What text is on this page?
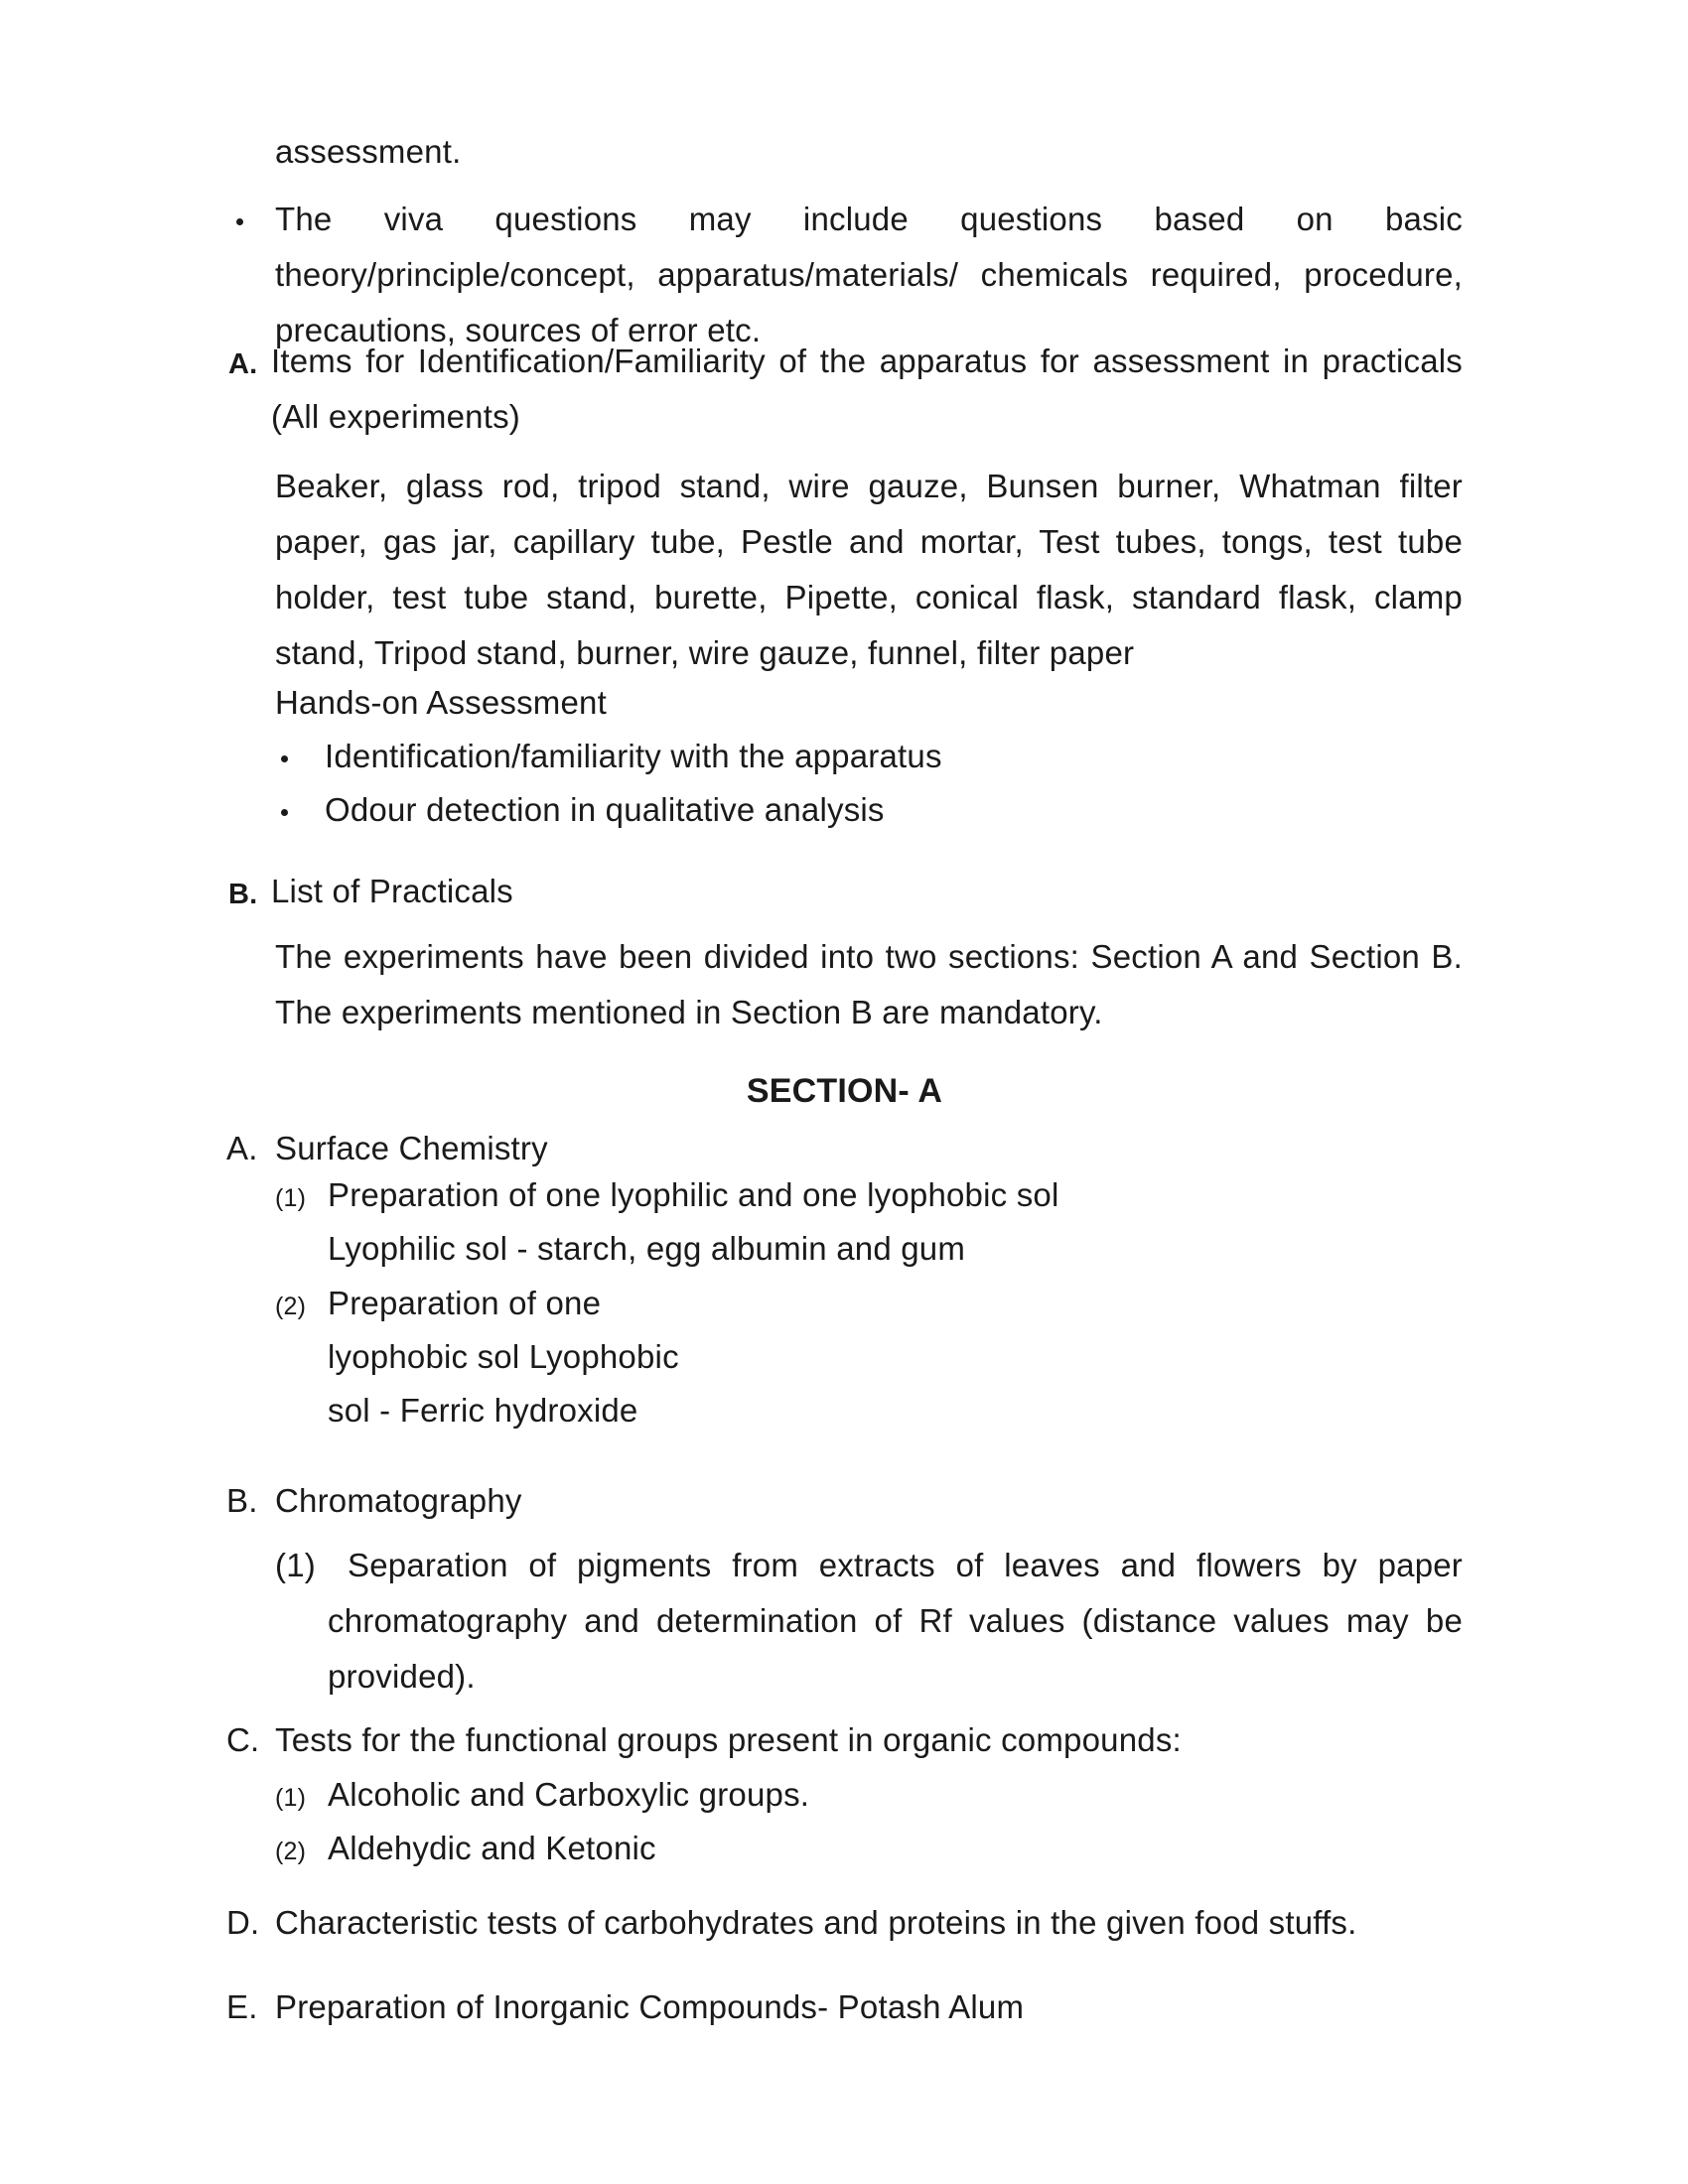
assessment.
The viva questions may include questions based on basic theory/principle/concept, apparatus/materials/ chemicals required, procedure, precautions, sources of error etc.
A. Items for Identification/Familiarity of the apparatus for assessment in practicals (All experiments)
Beaker, glass rod, tripod stand, wire gauze, Bunsen burner, Whatman filter paper, gas jar, capillary tube, Pestle and mortar, Test tubes, tongs, test tube holder, test tube stand, burette, Pipette, conical flask, standard flask, clamp stand, Tripod stand, burner, wire gauze, funnel, filter paper
Hands-on Assessment
Identification/familiarity with the apparatus
Odour detection in qualitative analysis
B. List of Practicals
The experiments have been divided into two sections: Section A and Section B. The experiments mentioned in Section B are mandatory.
SECTION- A
A. Surface Chemistry
(1) Preparation of one lyophilic and one lyophobic sol
Lyophilic sol - starch, egg albumin and gum
(2) Preparation of one
lyophobic sol Lyophobic
sol - Ferric hydroxide
B. Chromatography
(1) Separation of pigments from extracts of leaves and flowers by paper chromatography and determination of Rf values (distance values may be provided).
C. Tests for the functional groups present in organic compounds:
(1) Alcoholic and Carboxylic groups.
(2) Aldehydic and Ketonic
D. Characteristic tests of carbohydrates and proteins in the given food stuffs.
E. Preparation of Inorganic Compounds- Potash Alum
